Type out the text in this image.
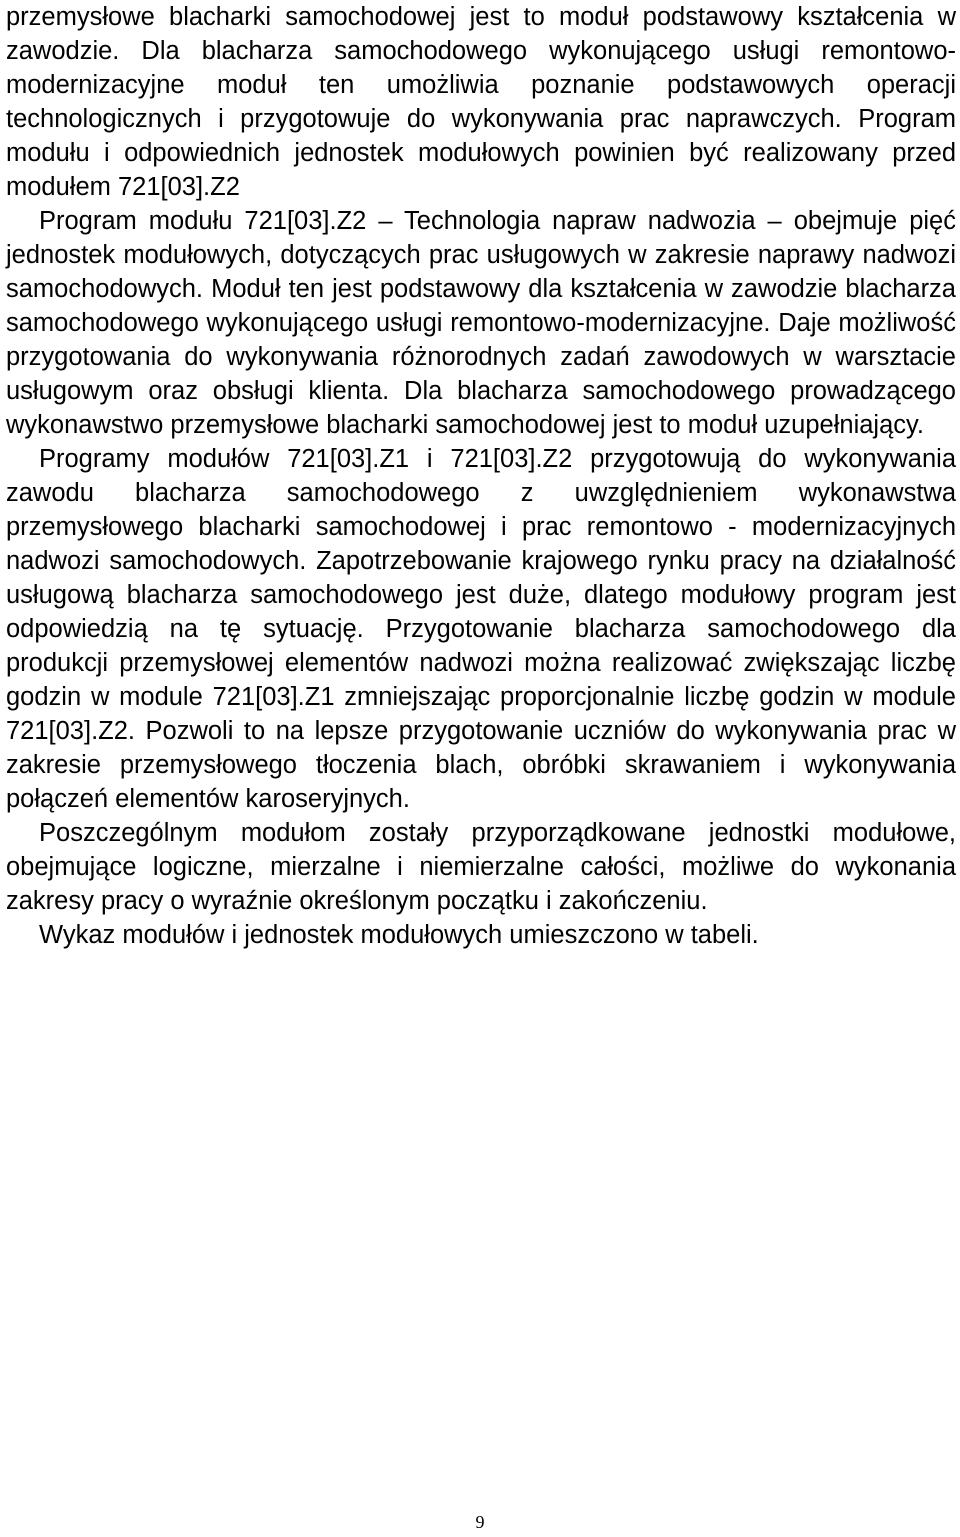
przemysłowe blacharki samochodowej jest to moduł podstawowy kształcenia w zawodzie. Dla blacharza samochodowego wykonującego usługi remontowo-modernizacyjne moduł ten umożliwia poznanie podstawowych operacji technologicznych i przygotowuje do wykonywania prac naprawczych. Program modułu i odpowiednich jednostek modułowych powinien być realizowany przed modułem 721[03].Z2

Program modułu 721[03].Z2 – Technologia napraw nadwozia – obejmuje pięć jednostek modułowych, dotyczących prac usługowych w zakresie naprawy nadwozi samochodowych. Moduł ten jest podstawowy dla kształcenia w zawodzie blacharza samochodowego wykonującego usługi remontowo-modernizacyjne. Daje możliwość przygotowania do wykonywania różnorodnych zadań zawodowych w warsztacie usługowym oraz obsługi klienta. Dla blacharza samochodowego prowadzącego wykonawstwo przemysłowe blacharki samochodowej jest to moduł uzupełniający.

Programy modułów 721[03].Z1 i 721[03].Z2 przygotowują do wykonywania zawodu blacharza samochodowego z uwzględnieniem wykonawstwa przemysłowego blacharki samochodowej i prac remontowo - modernizacyjnych nadwozi samochodowych. Zapotrzebowanie krajowego rynku pracy na działalność usługową blacharza samochodowego jest duże, dlatego modułowy program jest odpowiedzią na tę sytuację. Przygotowanie blacharza samochodowego dla produkcji przemysłowej elementów nadwozi można realizować zwiększając liczbę godzin w module 721[03].Z1 zmniejszając proporcjonalnie liczbę godzin w module 721[03].Z2. Pozwoli to na lepsze przygotowanie uczniów do wykonywania prac w zakresie przemysłowego tłoczenia blach, obróbki skrawaniem i wykonywania połączeń elementów karoseryjnych.

Poszczególnym modułom zostały przyporządkowane jednostki modułowe, obejmujące logiczne, mierzalne i niemierzalne całości, możliwe do wykonania zakresy pracy o wyraźnie określonym początku i zakończeniu.

Wykaz modułów i jednostek modułowych umieszczono w tabeli.

9
